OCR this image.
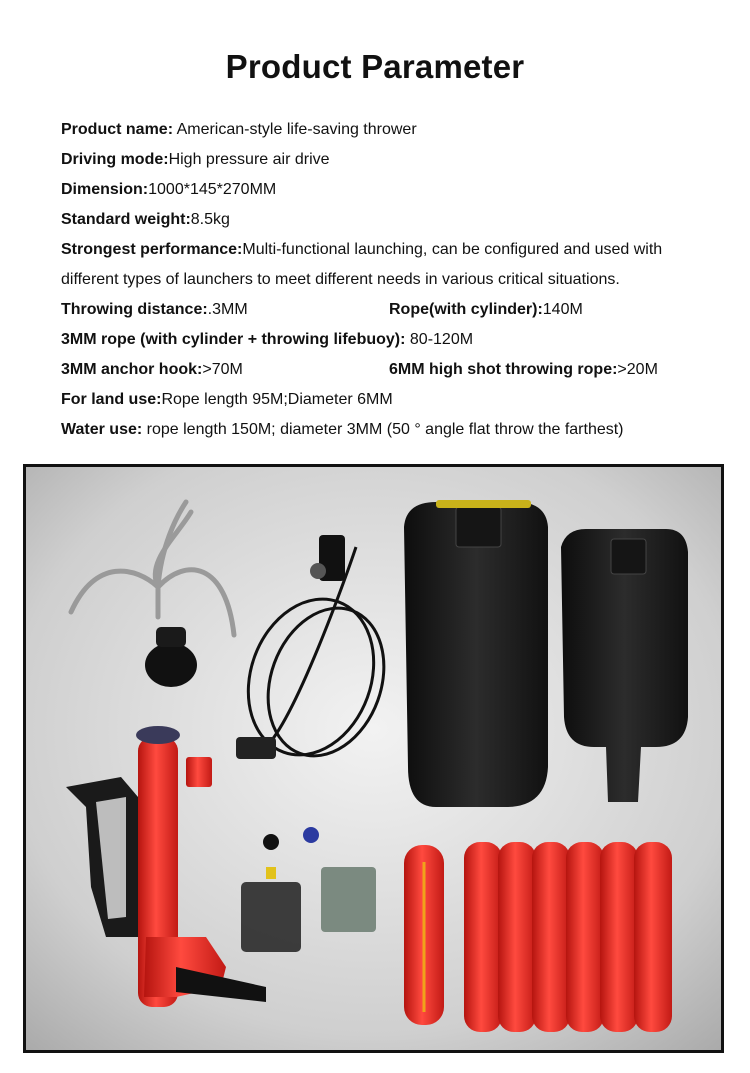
Product Parameter
Product name: American-style life-saving thrower
Driving mode:High pressure air drive
Dimension:1000*145*270MM
Standard weight:8.5kg
Strongest performance:Multi-functional launching, can be configured and used with
different types of launchers to meet different needs in various critical situations.
Throwing distance:.3MM	Rope(with cylinder):140M
3MM rope (with cylinder + throwing lifebuoy): 80-120M
3MM anchor hook:>70M	6MM high shot throwing rope:>20M
For land use:Rope length 95M;Diameter 6MM
Water use: rope length 150M; diameter 3MM (50 ° angle flat throw the farthest)
